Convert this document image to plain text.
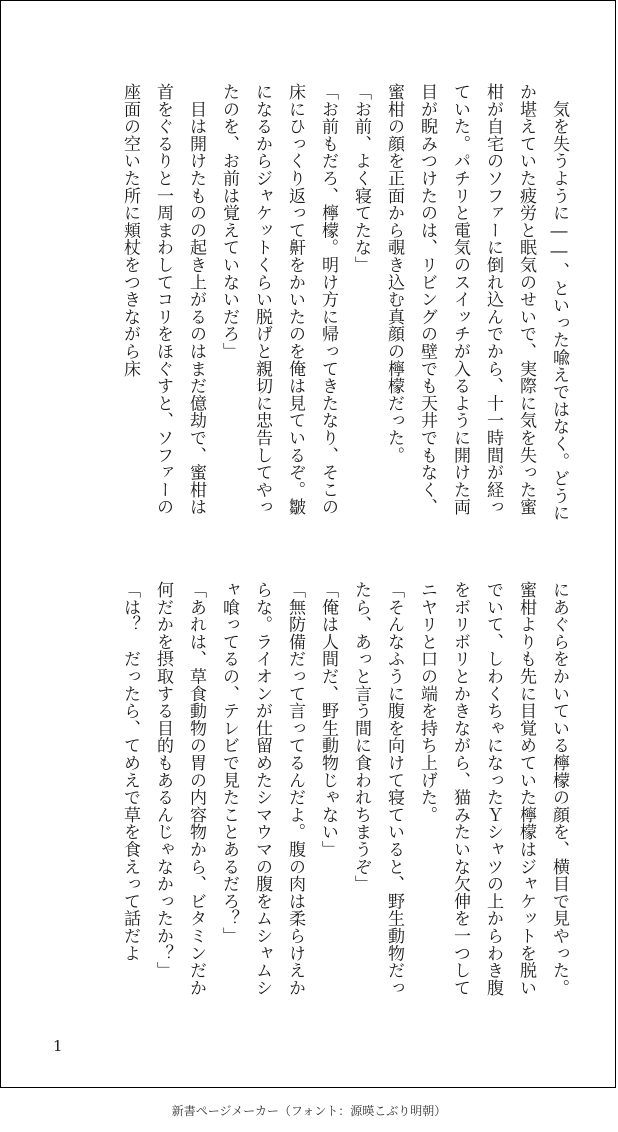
　気を失うように――、といった喩えではなく。どうにか堪えていた疲労と眠気のせいで、実際に気を失った蜜柑が自宅のソファーに倒れ込んでから、十一時間が経っていた。パチリと電気のスイッチが入るように開けた両目が睨みつけたのは、リビングの壁でも天井でもなく、蜜柑の顔を正面から覗き込む真顔の檸檬だった。

「お前、よく寝てたな」

「お前もだろ、檸檬。明け方に帰ってきたなり、そこの床にひっくり返って鼾をかいたのを俺は見ているぞ。皺になるからジャケットくらい脱げと親切に忠告してやったのを、お前は覚えていないだろ」

　目は開けたものの起き上がるのはまだ億劫で、蜜柑は首をぐるりと一周まわしてコリをほぐすと、ソファーの座面の空いた所に頬杖をつきながら床

にあぐらをかいている檸檬の顔を、横目で見やった。蜜柑よりも先に目覚めていた檸檬はジャケットを脱いでいて、しわくちゃになったＹシャツの上からわき腹をボリボリとかきながら、猫みたいな欠伸を一つしてニヤリと口の端を持ち上げた。

「そんなふうに腹を向けて寝ていると、野生動物だったら、あっと言う間に食われちまうぞ」

「俺は人間だ、野生動物じゃない」

「無防備だって言ってるんだよ。腹の肉は柔らけえからな。ライオンが仕留めたシマウマの腹をムシャムシャ喰ってるの、テレビで見たことあるだろ？」

「あれは、草食動物の胃の内容物から、ビタミンだか何だかを摂取する目的もあるんじゃなかったか？」

「は？　だったら、てめえで草を食えって話だよ

1
新書ページメーカー（フォント：源暎こぶり明朝）
